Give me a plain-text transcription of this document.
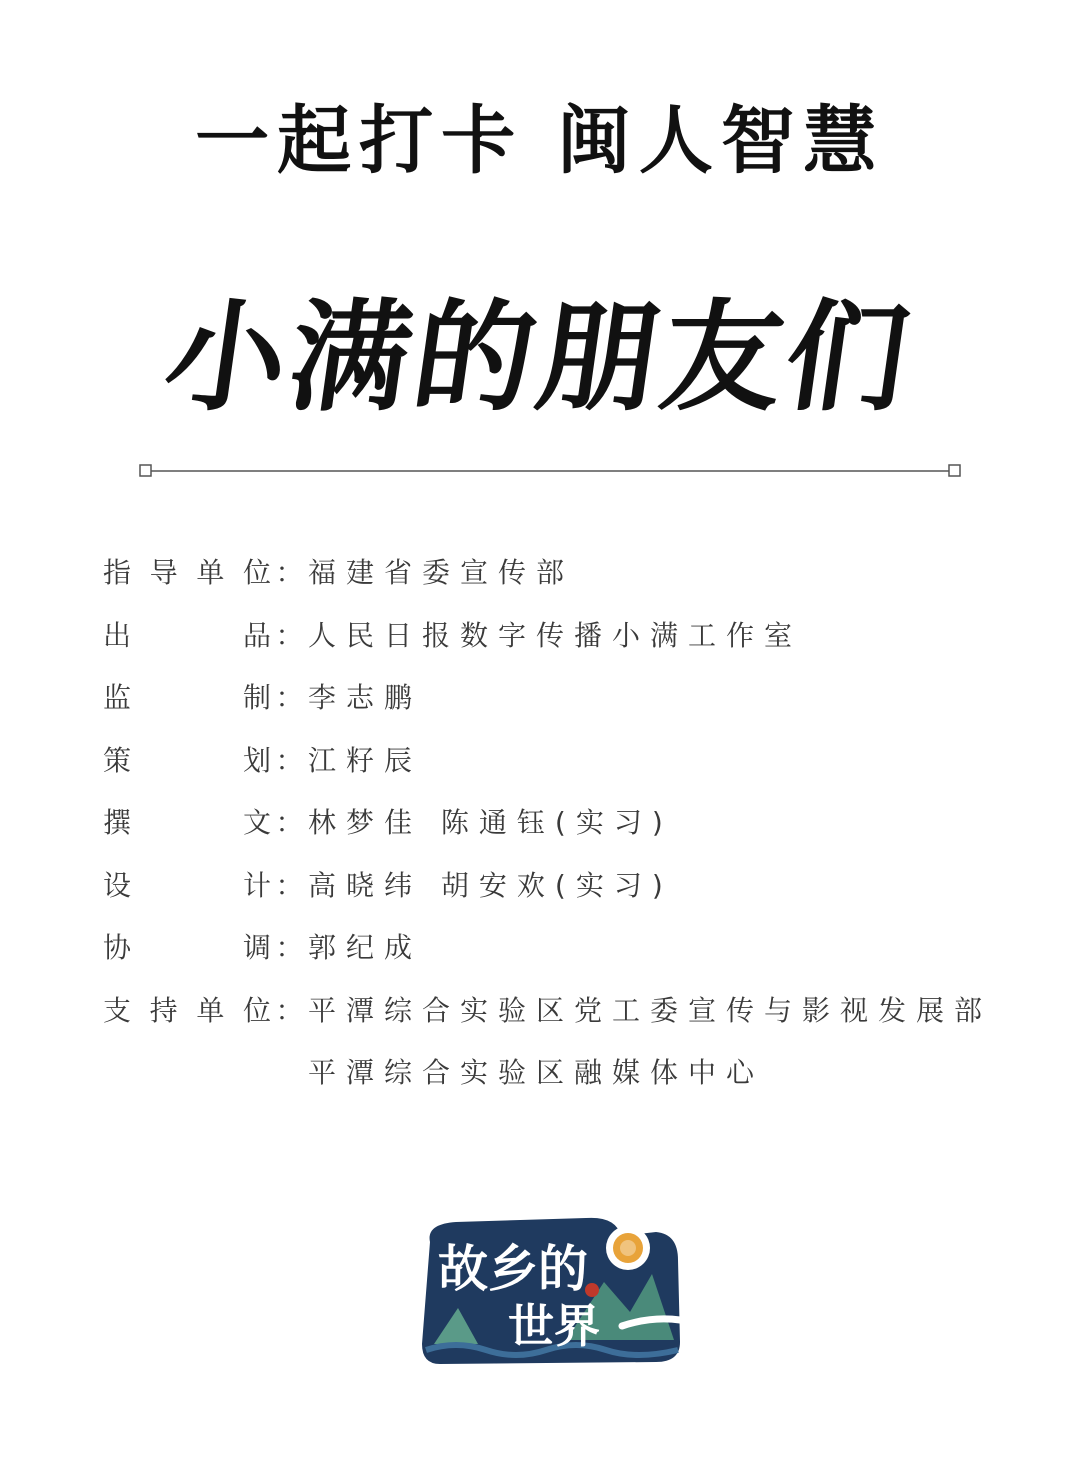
一起打卡 闽人智慧
小满的朋友们
指 导 单 位 ： 福建省委宣传部
出	品 ： 人民日报数字传播小满工作室
监	制 ： 李志鹏
策	划 ： 江籽辰
撰	文 ： 林梦佳 陈通钰(实习)
设	计 ： 高晓纬 胡安欢(实习)
协	调 ： 郭纪成
支 持 单 位 ： 平潭综合实验区党工委宣传与影视发展部
平潭综合实验区融媒体中心
故乡的
世界
